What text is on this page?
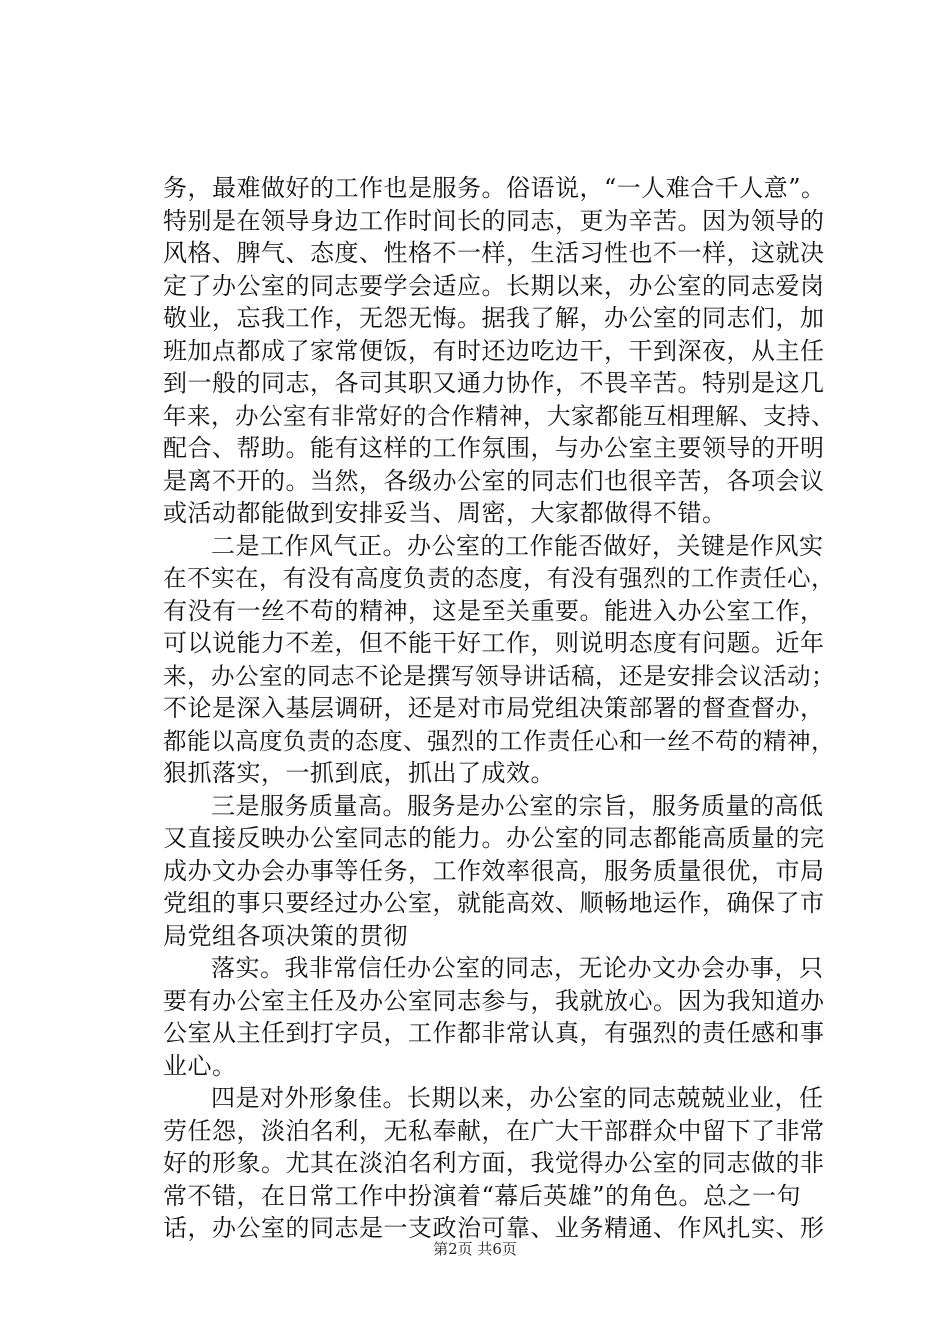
务，最难做好的工作也是服务。俗语说，“一人难合千人意”。
特别是在领导身边工作时间长的同志，更为辛苦。因为领导的
风格、脾气、态度、性格不一样，生活习性也不一样，这就决
定了办公室的同志要学会适应。长期以来，办公室的同志爱岗
敬业，忘我工作，无怨无悔。据我了解，办公室的同志们，加
班加点都成了家常便饭，有时还边吃边干，干到深夜，从主任
到一般的同志，各司其职又通力协作，不畏辛苦。特别是这几
年来，办公室有非常好的合作精神，大家都能互相理解、支持、
配合、帮助。能有这样的工作氛围，与办公室主要领导的开明
是离不开的。当然，各级办公室的同志们也很辛苦，各项会议
或活动都能做到安排妥当、周密，大家都做得不错。
二是工作风气正。办公室的工作能否做好，关键是作风实
在不实在，有没有高度负责的态度，有没有强烈的工作责任心，
有没有一丝不苟的精神，这是至关重要。能进入办公室工作，
可以说能力不差，但不能干好工作，则说明态度有问题。近年
来，办公室的同志不论是撰写领导讲话稿，还是安排会议活动；
不论是深入基层调研，还是对市局党组决策部署的督查督办，
都能以高度负责的态度、强烈的工作责任心和一丝不苟的精神，
狠抓落实，一抓到底，抓出了成效。
三是服务质量高。服务是办公室的宗旨，服务质量的高低
又直接反映办公室同志的能力。办公室的同志都能高质量的完
成办文办会办事等任务，工作效率很高，服务质量很优，市局
党组的事只要经过办公室，就能高效、顺畅地运作，确保了市
局党组各项决策的贯彻
落实。我非常信任办公室的同志，无论办文办会办事，只
要有办公室主任及办公室同志参与，我就放心。因为我知道办
公室从主任到打字员，工作都非常认真，有强烈的责任感和事
业心。
四是对外形象佳。长期以来，办公室的同志兢兢业业，任
劳任怨，淡泊名利，无私奉献，在广大干部群众中留下了非常
好的形象。尤其在淡泊名利方面，我觉得办公室的同志做的非
常不错，在日常工作中扮演着“幕后英雄”的角色。总之一句
话，办公室的同志是一支政治可靠、业务精通、作风扎实、形
第2页 共6页
